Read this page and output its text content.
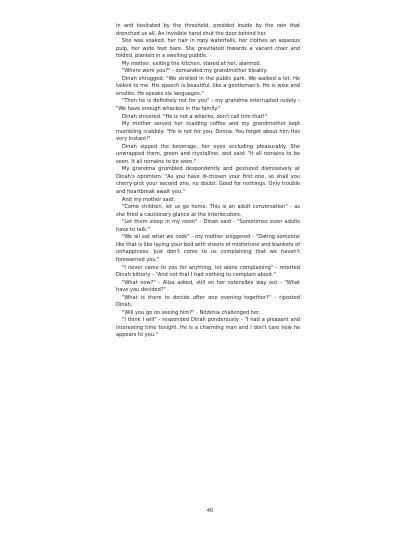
in and hesitated by the threshold, prodded inside by the rain that drenched us all. An invisible hand shut the door behind her.

She was soaked, her hair in ropy waterfalls, her clothes an aqueous pulp, her wide feet bare. She gravitated towards a vacant chair and folded, planted in a swelling puddle.

My mother, exiting the kitchen, stared at her, alarmed.

"Where were you?" - demanded my grandmother bleakly.

Dinah shrugged. "We strolled in the public park. We walked a lot. He talked to me. His speech is beautiful, like a gentleman's. He is wise and erudite. He speaks six languages."

"Then he is definitely not for you" - my grandma interrupted rudely - "We have enough whackos in the family."

Dinah shivered. "He is not a whacko, don't call him that!"

My mother served her scalding coffee and my grandmother kept mumbling crabbily: "He is not for you, Donna. You forget about him this very instant!"

Dinah sipped the beverage, her eyes occluding pleasurably. She unwrapped them, green and crystalline, and said: "It all remains to be seen. It all remains to be seen."

My grandma grumbled despondently and gestured dismissively at Dinah's optimism: "As you have ill-chosen your first one, so shall you cherry-pick your second one, no doubt. Good for nothings. Only trouble and heartbreak await you."

And my mother said:

"Come children, let us go home. This is an adult conversation" - as she fired a cautionary glance at the interlocutors.

"Let them sleep in my room" - Dinah said - "Sometimes even adults have to talk."

"We all eat what we cook" - my mother sniggered - "Dating someone like that is like laying your bed with sheets of misfortune and blankets of unhappiness. Just don't come to us complaining that we haven't forewarned you."

"I never came to you for anything, let alone complaining" - retorted Dinah bitterly - "And not that I had nothing to complain about."

"What now?" - Aliza asked, still on her ostensible way out - "What have you decided?"

"What is there to decide after one evening together?" - riposted Dinah.

"Will you go on seeing him?" - Nitzkhia challenged her.

"I think I will" - responded Dinah ponderously - "I had a pleasant and interesting time tonight. He is a charming man and I don't care how he appears to you."

40
